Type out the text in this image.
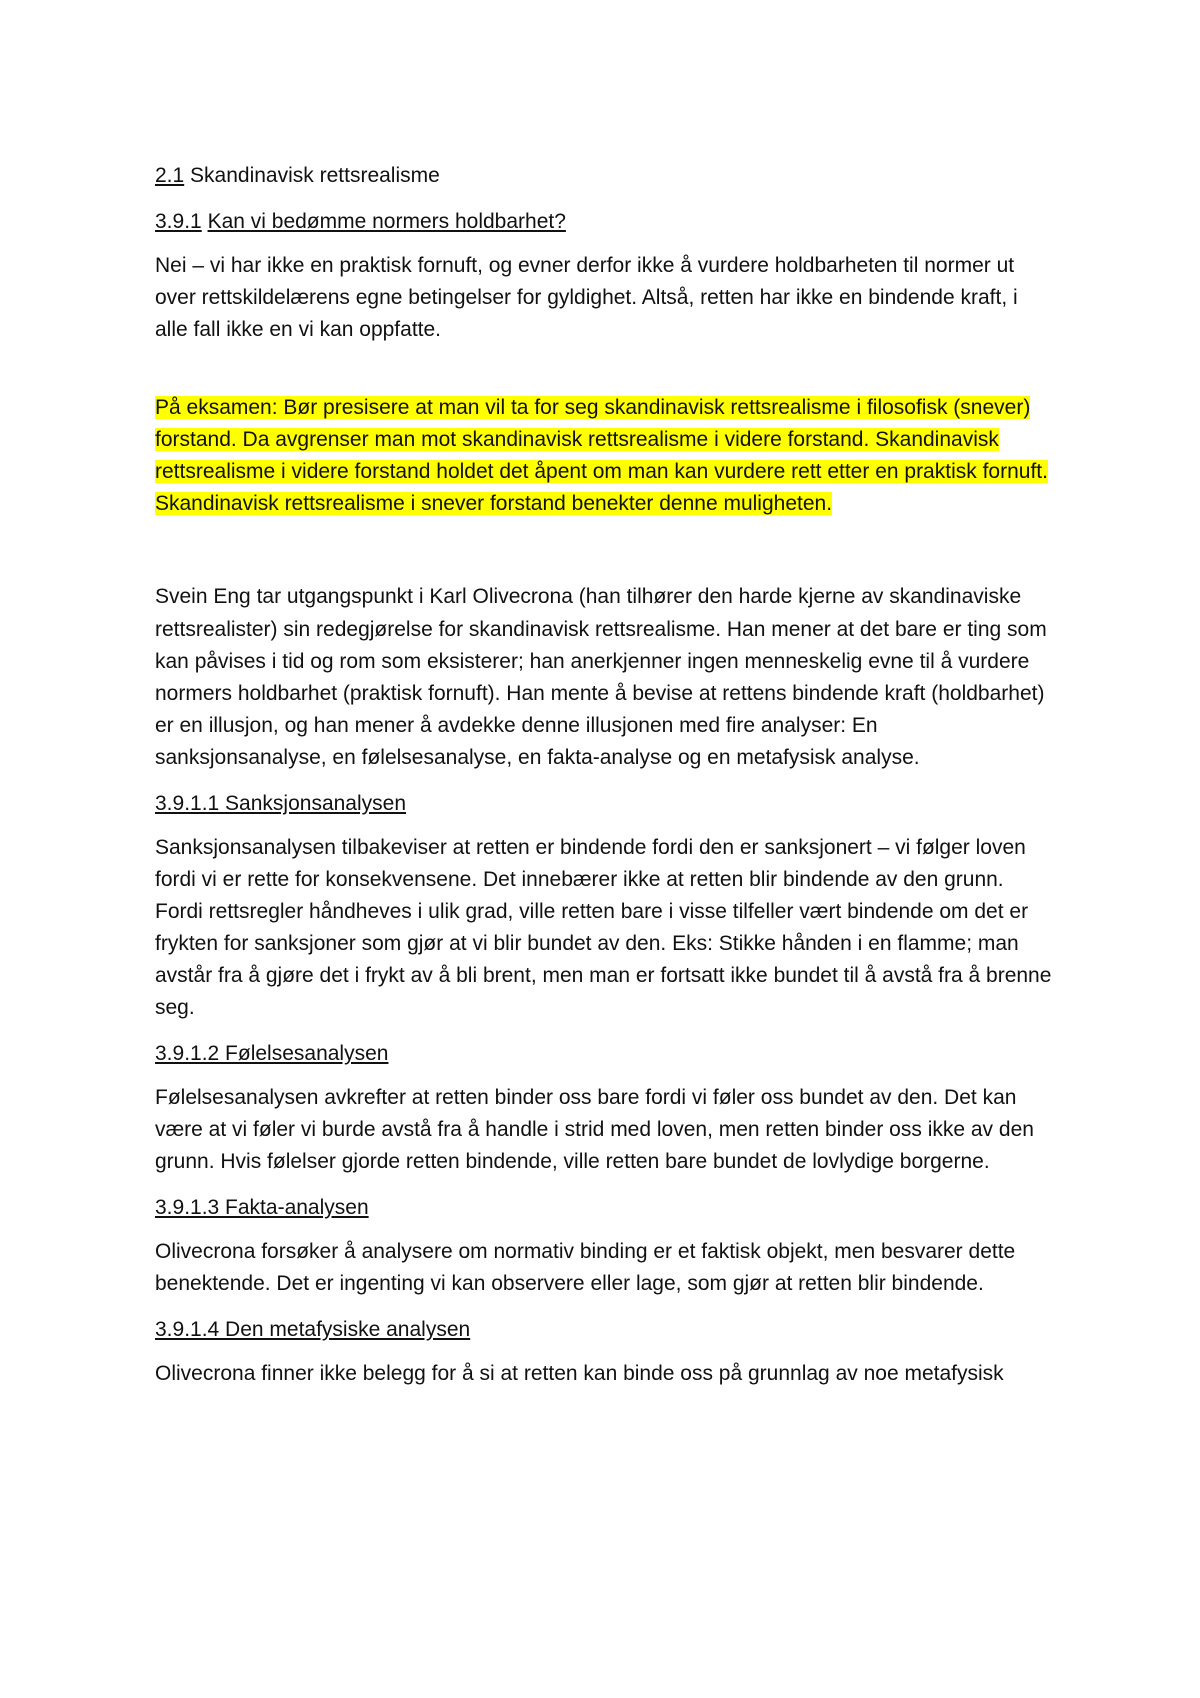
2.1 Skandinavisk rettsrealisme
3.9.1 Kan vi bedømme normers holdbarhet?

Nei – vi har ikke en praktisk fornuft, og evner derfor ikke å vurdere holdbarheten til normer ut over rettskildelærens egne betingelser for gyldighet. Altså, retten har ikke en bindende kraft, i alle fall ikke en vi kan oppfatte.

På eksamen: Bør presisere at man vil ta for seg skandinavisk rettsrealisme i filosofisk (snever) forstand. Da avgrenser man mot skandinavisk rettsrealisme i videre forstand. Skandinavisk rettsrealisme i videre forstand holdet det åpent om man kan vurdere rett etter en praktisk fornuft. Skandinavisk rettsrealisme i snever forstand benekter denne muligheten.

Svein Eng tar utgangspunkt i Karl Olivecrona (han tilhører den harde kjerne av skandinaviske

rettsrealister) sin redegjørelse for skandinavisk rettsrealisme. Han mener at det bare er ting som kan påvises i tid og rom som eksisterer; han anerkjenner ingen menneskelig evne til å vurdere normers holdbarhet (praktisk fornuft). Han mente å bevise at rettens bindende kraft (holdbarhet) er en illusjon, og han mener å avdekke denne illusjonen med fire analyser: En sanksjonsanalyse, en følelsesanalyse, en fakta-analyse og en metafysisk analyse.

3.9.1.1 Sanksjonsanalysen

Sanksjonsanalysen tilbakeviser at retten er bindende fordi den er sanksjonert – vi følger loven fordi vi er rette for konsekvensene. Det innebærer ikke at retten blir bindende av den grunn. Fordi rettsregler håndheves i ulik grad, ville retten bare i visse tilfeller vært bindende om det er frykten for sanksjoner som gjør at vi blir bundet av den. Eks: Stikke hånden i en flamme; man avstår fra å gjøre det i frykt av å bli brent, men man er fortsatt ikke bundet til å avstå fra å brenne seg.

3.9.1.2 Følelsesanalysen

Følelsesanalysen avkrefter at retten binder oss bare fordi vi føler oss bundet av den. Det kan være at vi føler vi burde avstå fra å handle i strid med loven, men retten binder oss ikke av den grunn. Hvis følelser gjorde retten bindende, ville retten bare bundet de lovlydige borgerne.

3.9.1.3 Fakta-analysen

Olivecrona forsøker å analysere om normativ binding er et faktisk objekt, men besvarer dette benektende. Det er ingenting vi kan observere eller lage, som gjør at retten blir bindende.

3.9.1.4 Den metafysiske analysen

Olivecrona finner ikke belegg for å si at retten kan binde oss på grunnlag av noe metafysisk
